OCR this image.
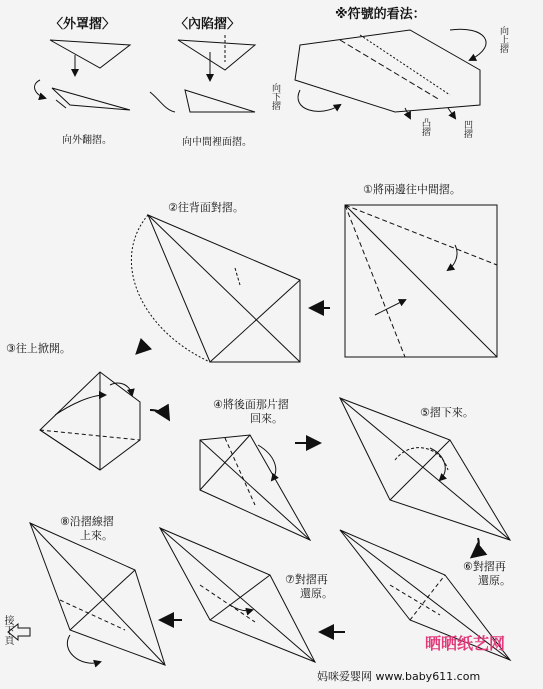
〈外罩摺〉	〈內陷摺〉
※符號的看法：
向外翻摺。	向中間裡面摺。
向上摺
向下摺
凸摺	凹摺
①將兩邊往中間摺。
②往背面對摺。
③往上掀開。
④將後面那片摺
回來。	⑤摺下來。
⑥對摺再
還原。
⑦對摺再
還原。
⑧沿摺線摺
上來。
接下頁	晒晒纸艺网
妈咪爱婴网 www.baby611.com
